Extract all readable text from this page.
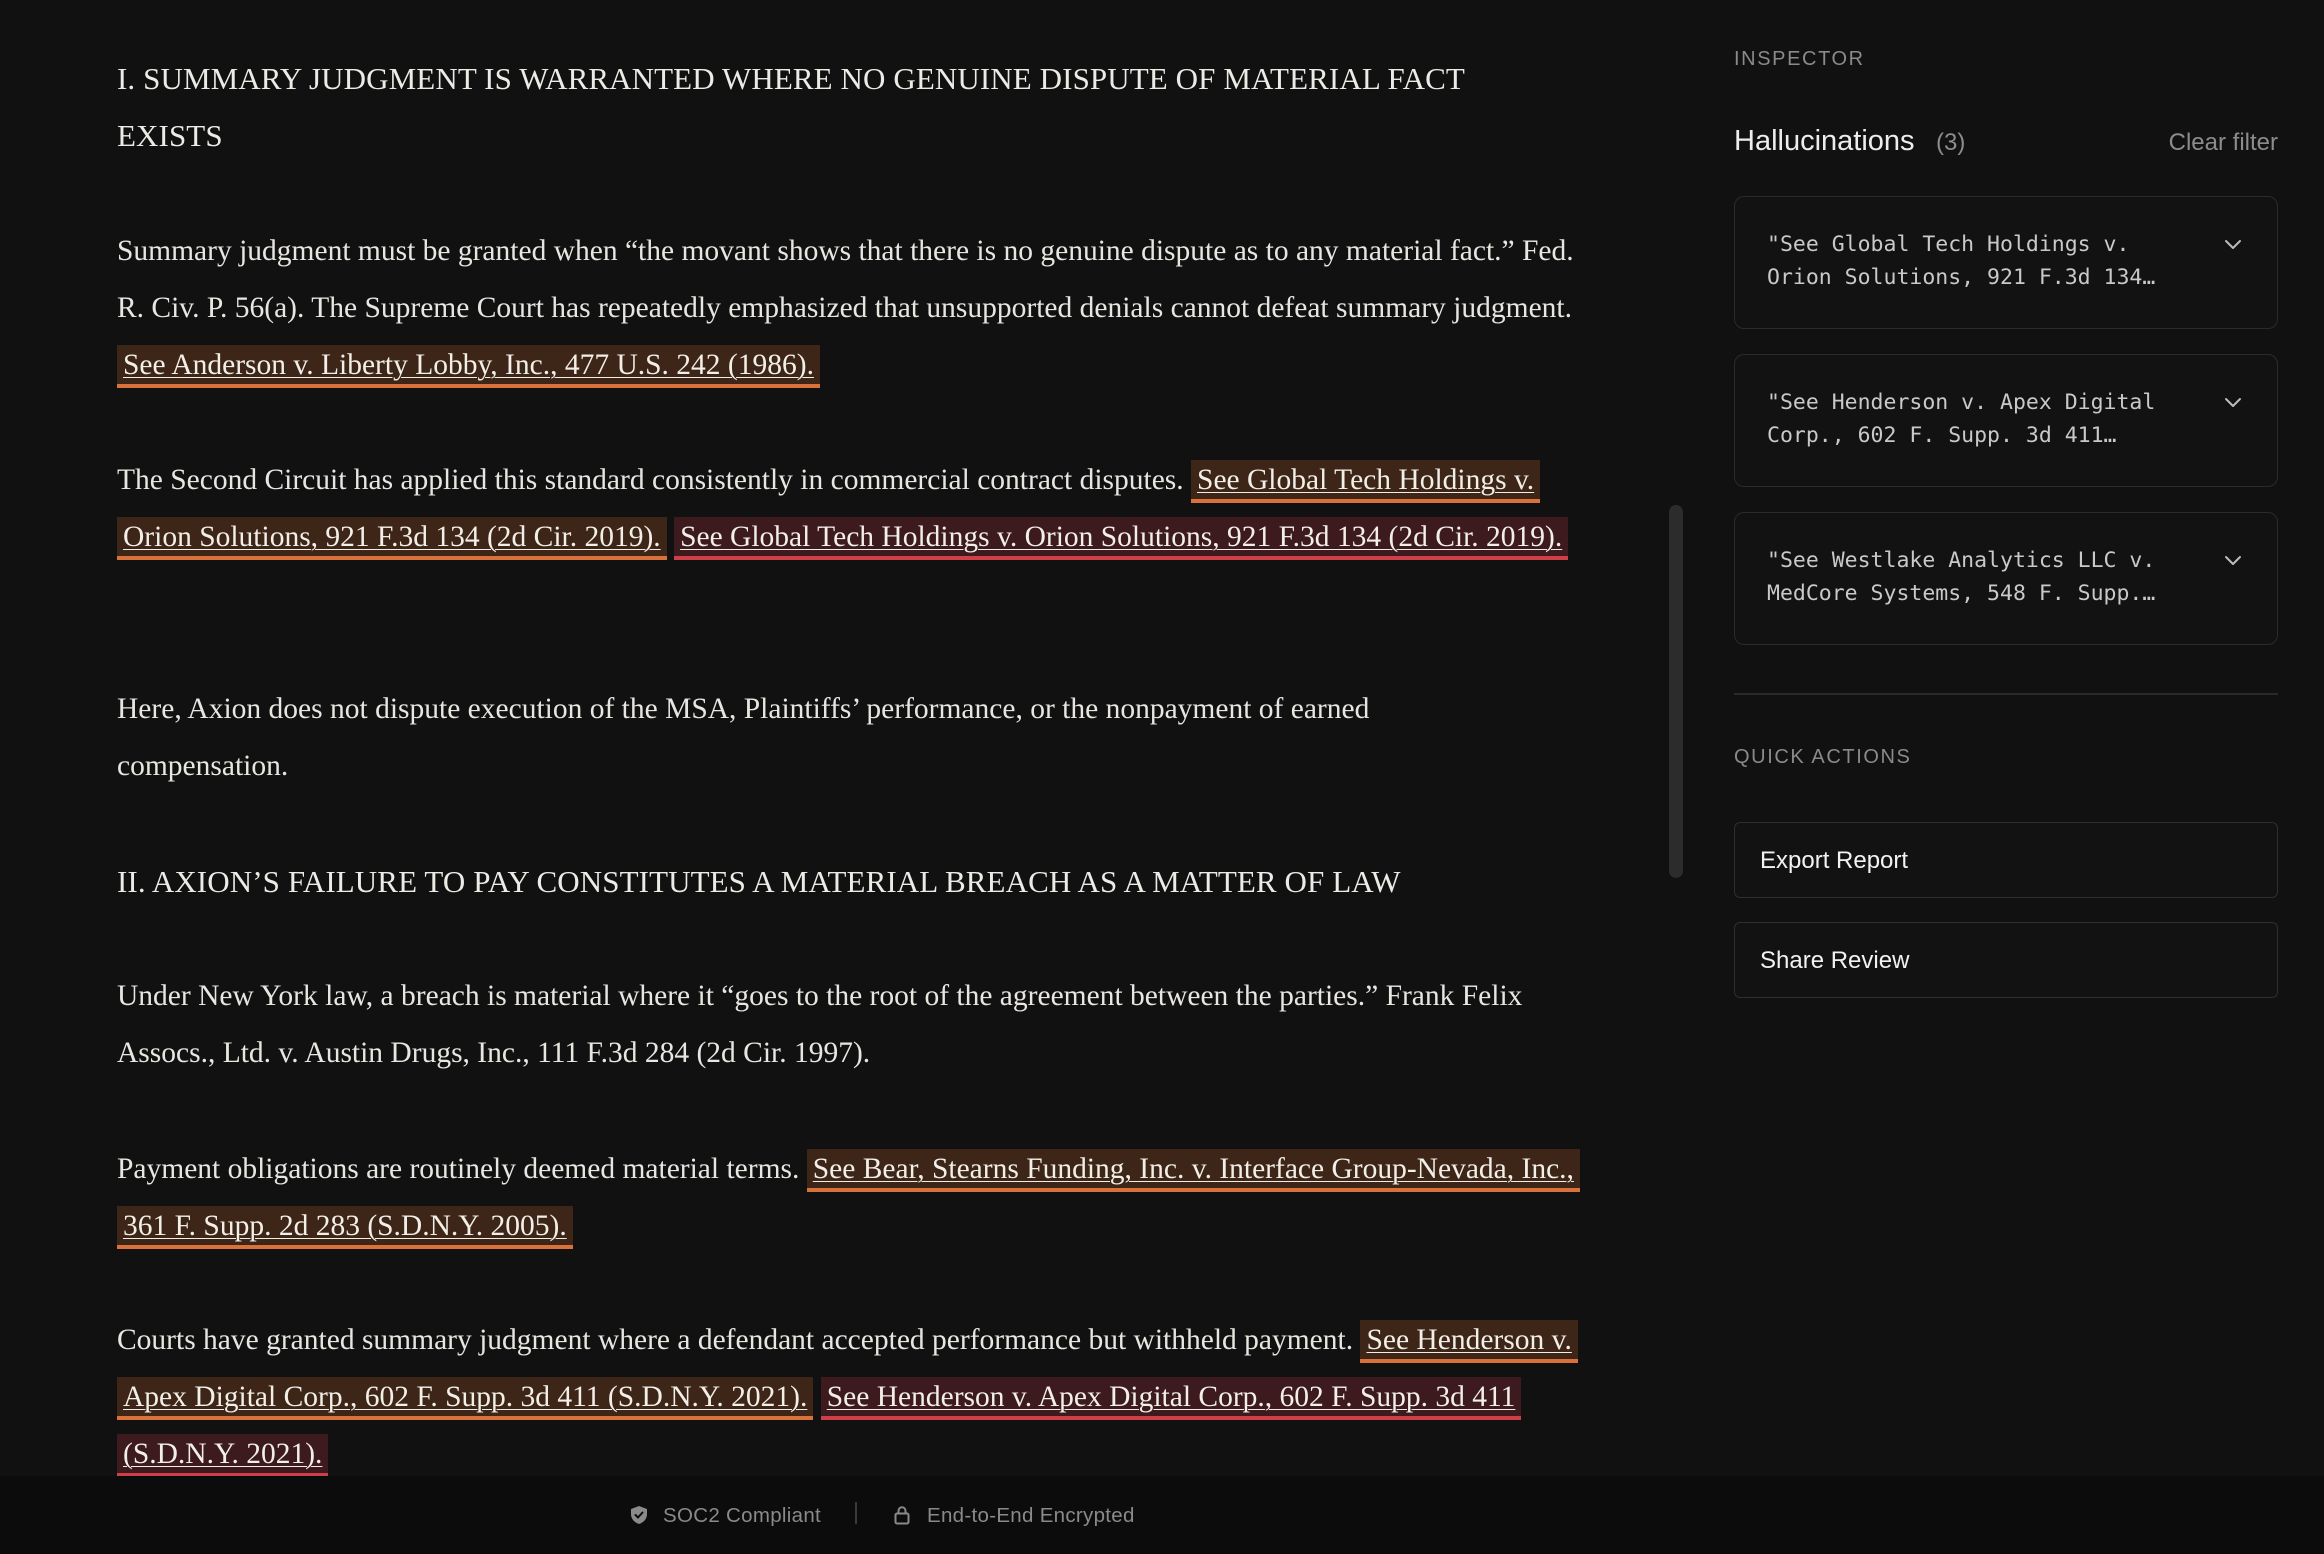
I. SUMMARY JUDGMENT IS WARRANTED WHERE NO GENUINE DISPUTE OF MATERIAL FACT EXISTS

Summary judgment must be granted when “the movant shows that there is no genuine dispute as to any material fact.” Fed. R. Civ. P. 56(a). The Supreme Court has repeatedly emphasized that unsupported denials cannot defeat summary judgment. See Anderson v. Liberty Lobby, Inc., 477 U.S. 242 (1986).

The Second Circuit has applied this standard consistently in commercial contract disputes. See Global Tech Holdings v. Orion Solutions, 921 F.3d 134 (2d Cir. 2019). See Global Tech Holdings v. Orion Solutions, 921 F.3d 134 (2d Cir. 2019).

Here, Axion does not dispute execution of the MSA, Plaintiffs’ performance, or the nonpayment of earned compensation.

II. AXION’S FAILURE TO PAY CONSTITUTES A MATERIAL BREACH AS A MATTER OF LAW

Under New York law, a breach is material where it “goes to the root of the agreement between the parties.” Frank Felix Assocs., Ltd. v. Austin Drugs, Inc., 111 F.3d 284 (2d Cir. 1997).

Payment obligations are routinely deemed material terms. See Bear, Stearns Funding, Inc. v. Interface Group-Nevada, Inc., 361 F. Supp. 2d 283 (S.D.N.Y. 2005).

Courts have granted summary judgment where a defendant accepted performance but withheld payment. See Henderson v. Apex Digital Corp., 602 F. Supp. 3d 411 (S.D.N.Y. 2021). See Henderson v. Apex Digital Corp., 602 F. Supp. 3d 411 (S.D.N.Y. 2021).

INSPECTOR
Hallucinations (3)	Clear filter
"See Global Tech Holdings v. Orion Solutions, 921 F.3d 134…
"See Henderson v. Apex Digital Corp., 602 F. Supp. 3d 411…
"See Westlake Analytics LLC v. MedCore Systems, 548 F. Supp.…
QUICK ACTIONS
Export Report
Share Review
SOC2 Compliant	End-to-End Encrypted
